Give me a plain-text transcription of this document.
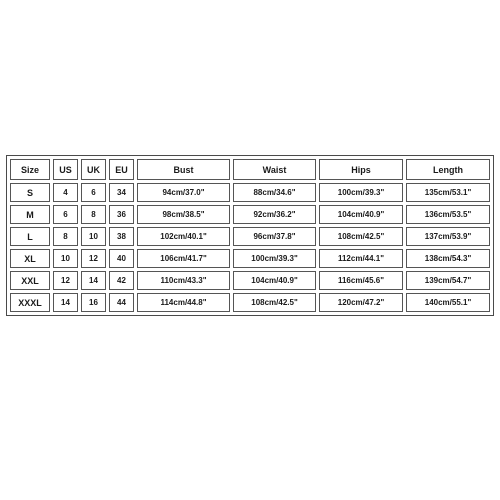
Size	US	UK	EU	Bust	Waist	Hips	Length
S	4	6	34	94cm/37.0"	88cm/34.6"	100cm/39.3"	135cm/53.1"
M	6	8	36	98cm/38.5"	92cm/36.2"	104cm/40.9"	136cm/53.5"
L	8	10	38	102cm/40.1"	96cm/37.8"	108cm/42.5"	137cm/53.9"
XL	10	12	40	106cm/41.7"	100cm/39.3"	112cm/44.1"	138cm/54.3"
XXL	12	14	42	110cm/43.3"	104cm/40.9"	116cm/45.6"	139cm/54.7"
XXXL	14	16	44	114cm/44.8"	108cm/42.5"	120cm/47.2"	140cm/55.1"
